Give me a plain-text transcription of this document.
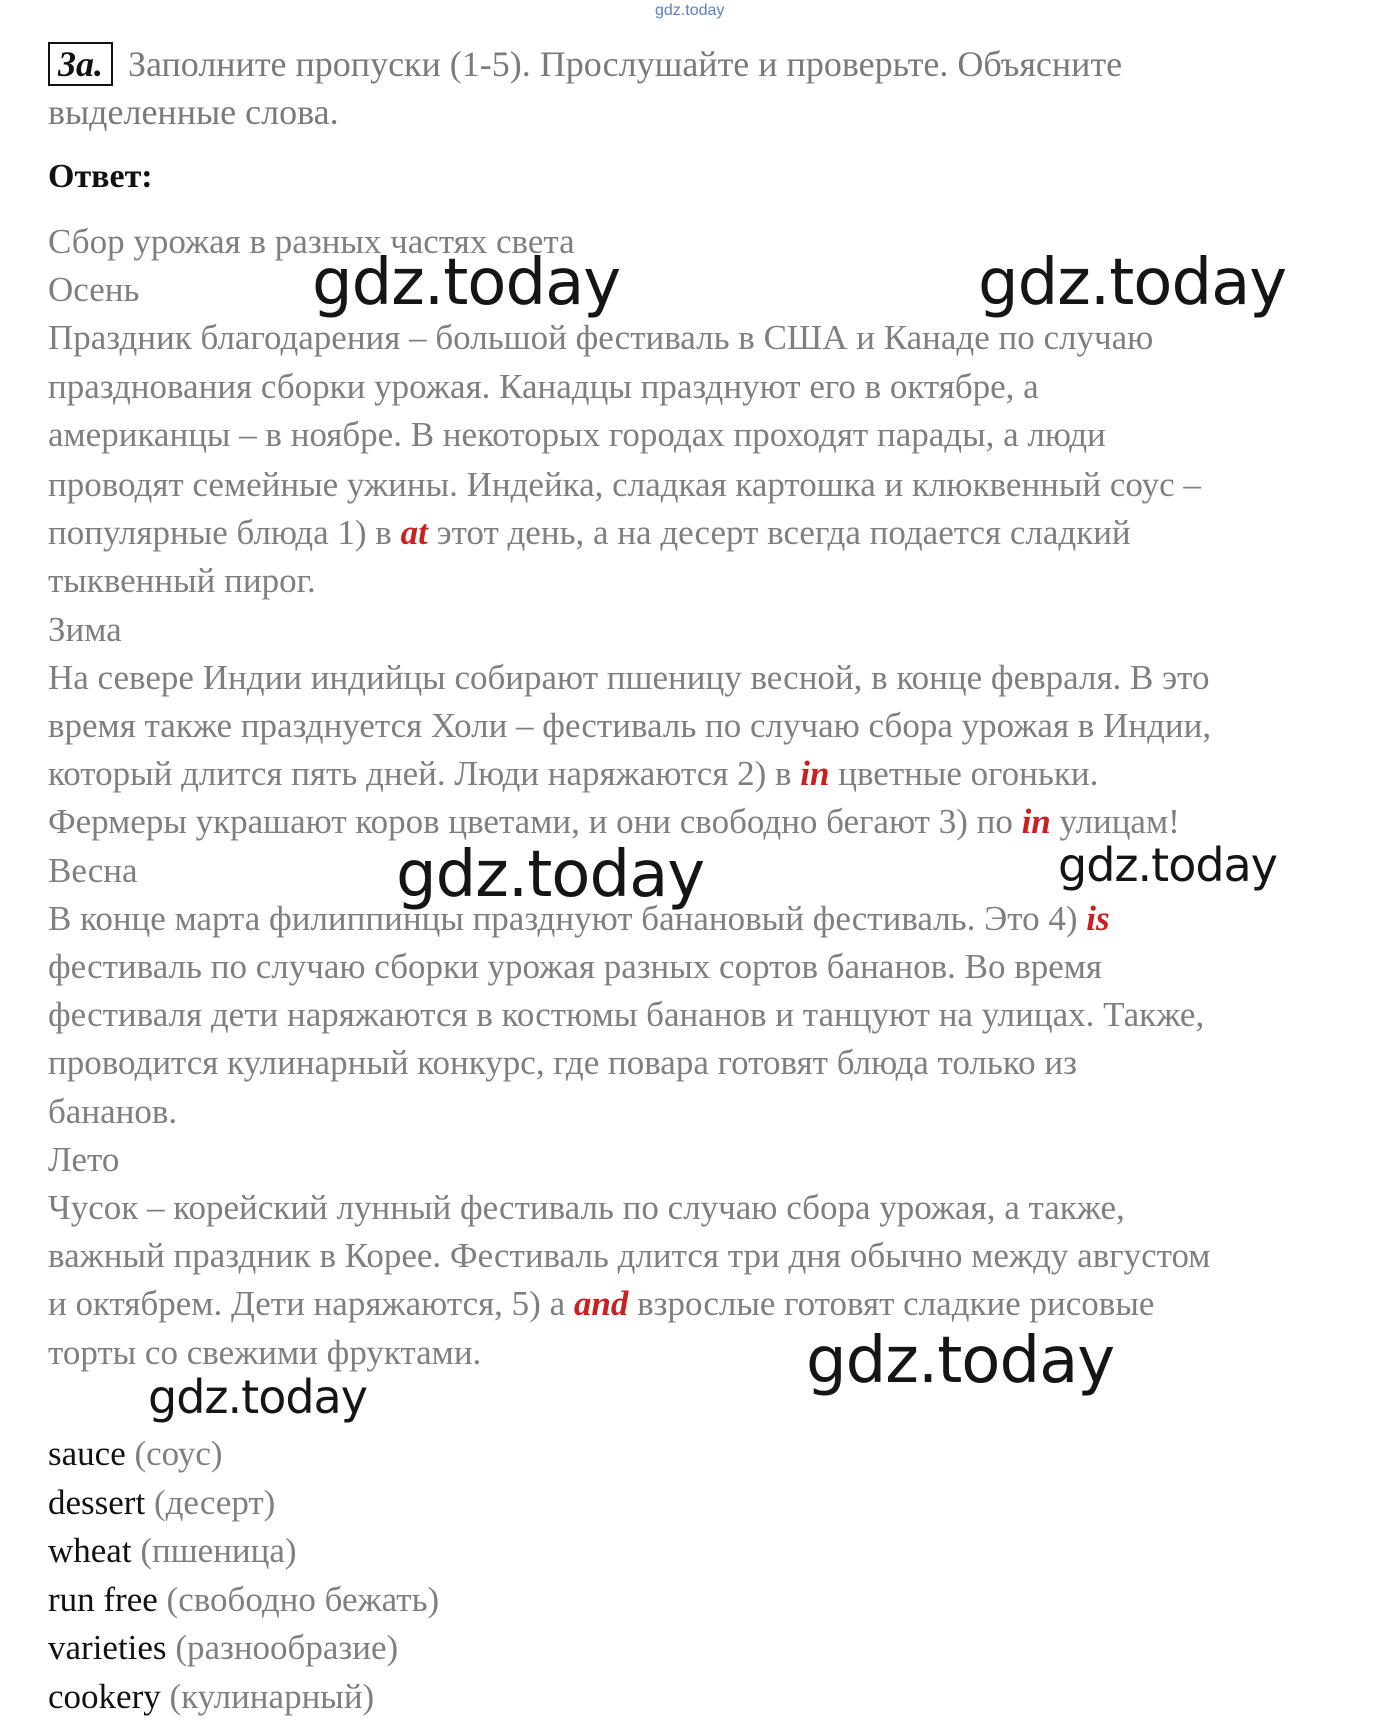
gdz.today
3a. Заполните пропуски (1-5). Прослушайте и проверьте. Объясните
выделенные слова.
Ответ:

Сбор урожая в разных частях света

Осень

Праздник благодарения – большой фестиваль в США и Канаде по случаю

празднования сборки урожая. Канадцы празднуют его в октябре, а

американцы – в ноябре. В некоторых городах проходят парады, а люди

проводят семейные ужины. Индейка, сладкая картошка и клюквенный соус –

популярные блюда 1) в at этот день, а на десерт всегда подается сладкий

тыквенный пирог.

Зима

На севере Индии индийцы собирают пшеницу весной, в конце февраля. В это

время также празднуется Холи – фестиваль по случаю сбора урожая в Индии,

который длится пять дней. Люди наряжаются 2) в in цветные огоньки.

Фермеры украшают коров цветами, и они свободно бегают 3) по in улицам!

Весна

В конце марта филиппинцы празднуют банановый фестиваль. Это 4) is

фестиваль по случаю сборки урожая разных сортов бананов. Во время

фестиваля дети наряжаются в костюмы бананов и танцуют на улицах. Также,

проводится кулинарный конкурс, где повара готовят блюда только из

бананов.

Лето

Чусок – корейский лунный фестиваль по случаю сбора урожая, а также,

важный праздник в Корее. Фестиваль длится три дня обычно между августом

и октябрем. Дети наряжаются, 5) а and взрослые готовят сладкие рисовые

торты со свежими фруктами.

sauce (соус)
dessert (десерт)
wheat (пшеница)
run free (свободно бежать)
varieties (разнообразие)
cookery (кулинарный)
gdz.today	gdz.today
gdz.today
gdz.today
gdz.today
gdz.today
